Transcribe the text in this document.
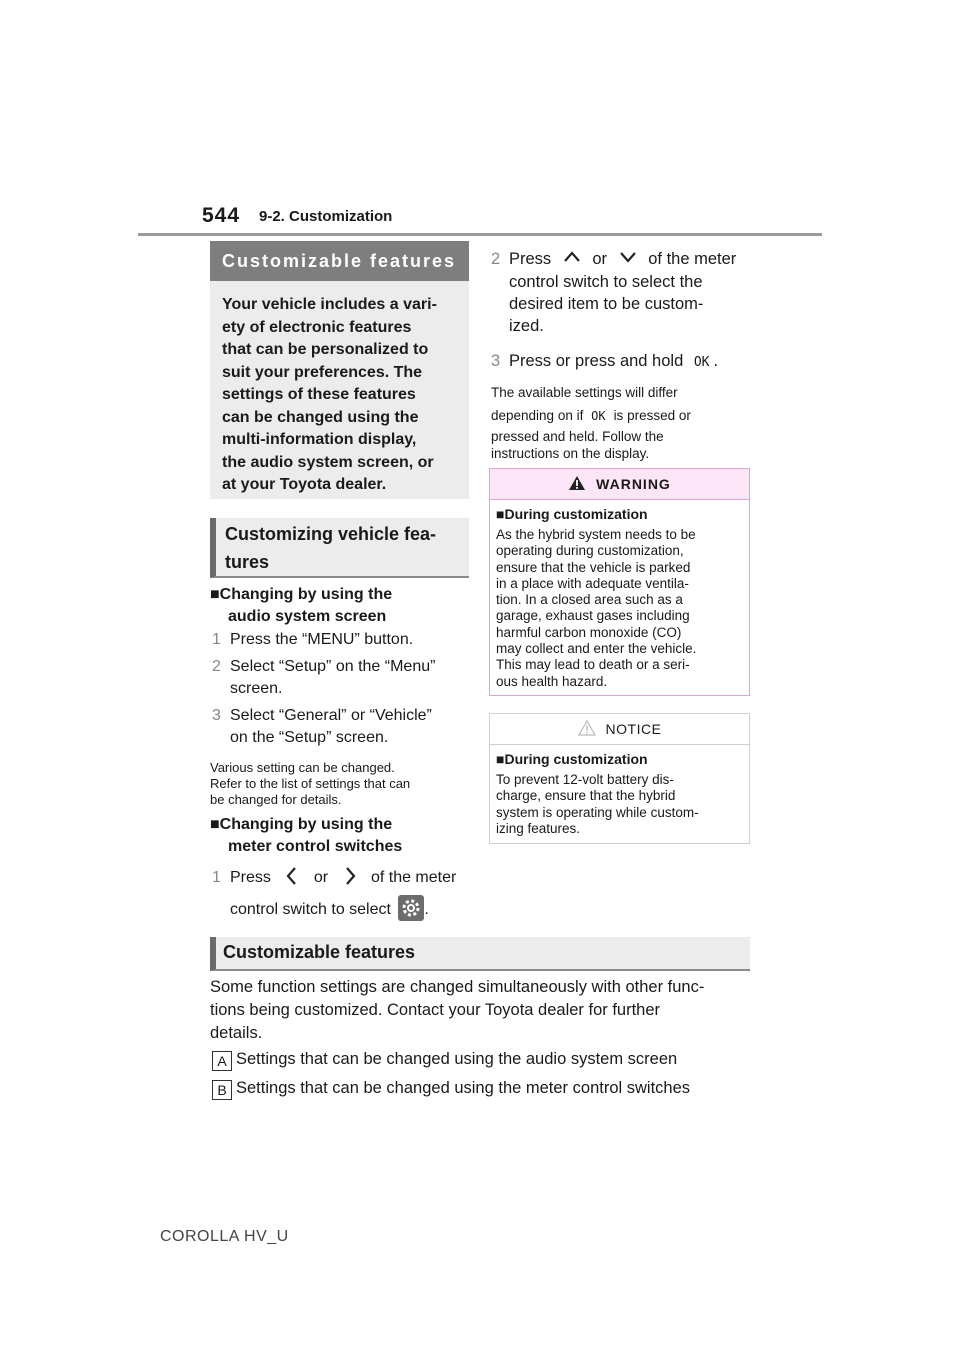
544 9-2. Customization
Customizable features
Your vehicle includes a vari-
ety of electronic features
that can be personalized to
suit your preferences. The
settings of these features
can be changed using the
multi-information display,
the audio system screen, or
at your Toyota dealer.
Customizing vehicle fea-
tures
■Changing by using the
audio system screen
1 Press the “MENU” button.
2 Select “Setup” on the “Menu”
screen.
3 Select “General” or “Vehicle”
on the “Setup” screen.
Various setting can be changed.
Refer to the list of settings that can
be changed for details.
■Changing by using the
meter control switches
1 Press	or	of the meter
control switch to select .
2 Press or of the meter
control switch to select the
desired item to be custom-
ized.
3 Press or press and hold OK .
The available settings will differ
depending on if OK is pressed or
pressed and held. Follow the
instructions on the display.
WARNING
■During customization
As the hybrid system needs to be
operating during customization,
ensure that the vehicle is parked
in a place with adequate ventila-
tion. In a closed area such as a
garage, exhaust gases including
harmful carbon monoxide (CO)
may collect and enter the vehicle.
This may lead to death or a seri-
ous health hazard.
NOTICE
■During customization
To prevent 12-volt battery dis-
charge, ensure that the hybrid
system is operating while custom-
izing features.
Customizable features
Some function settings are changed simultaneously with other func-
tions being customized. Contact your Toyota dealer for further
details.
A Settings that can be changed using the audio system screen
B Settings that can be changed using the meter control switches
COROLLA HV_U
